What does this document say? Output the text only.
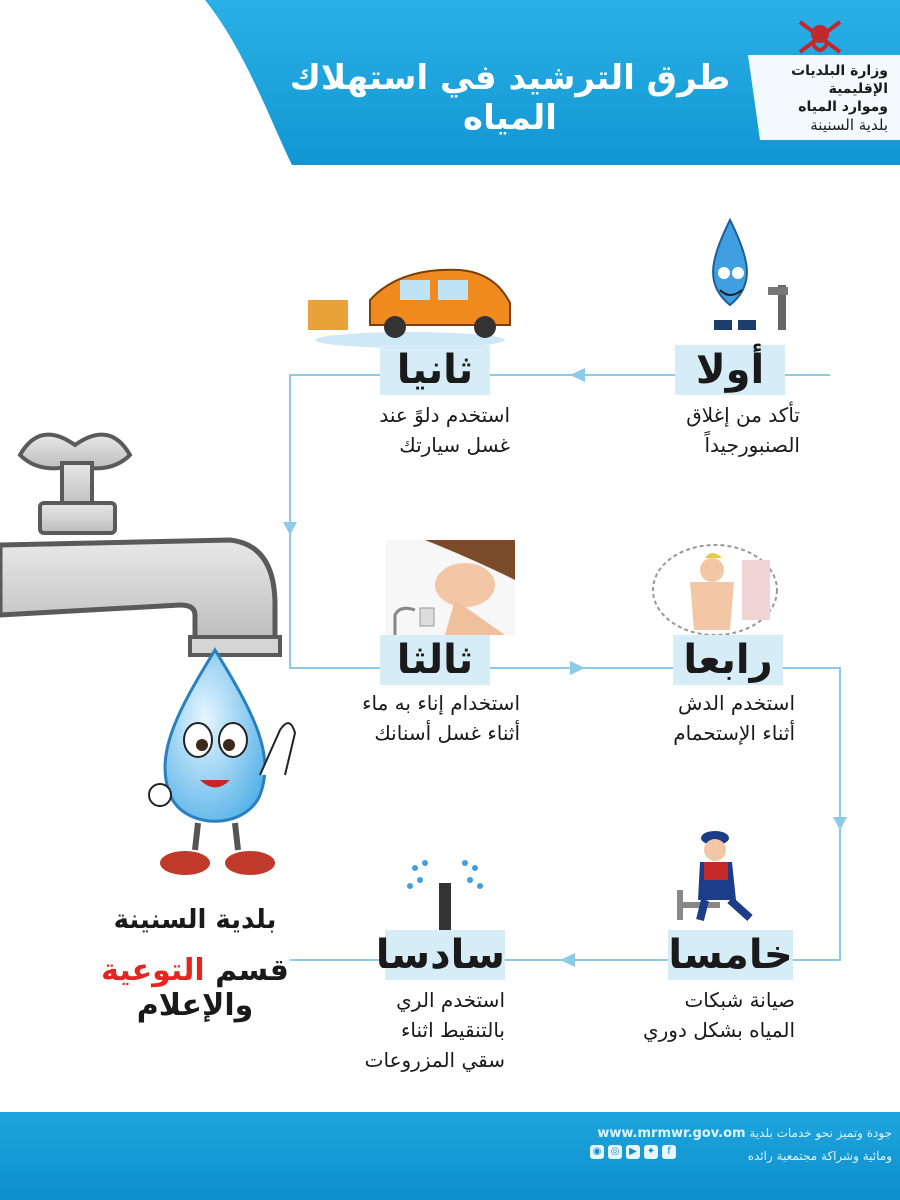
طرق الترشيد في استهلاك المياه
وزارة البلديات الإقليمية
وموارد المياه
بلدية السنينة
أولا
تأكد من إغلاق
الصنبورجيداً
ثانيا
استخدم دلوً عند
غسل سيارتك
ثالثا
استخدام إناء به ماء
أثناء غسل أسنانك
رابعا
استخدم الدش
أثناء الإستحمام
خامسا
صيانة شبكات
المياه بشكل دوري
سادسا
استخدم الري
بالتنقيط اثناء
سقي المزروعات
بلدية السنينة
قسم التوعية والإعلام
جودة وتميز نحو خدمات بلدية www.mrmwr.gov.om
ومائية وشراكة مجتمعية رائده
◉ ◎ ▶ ✦	f
